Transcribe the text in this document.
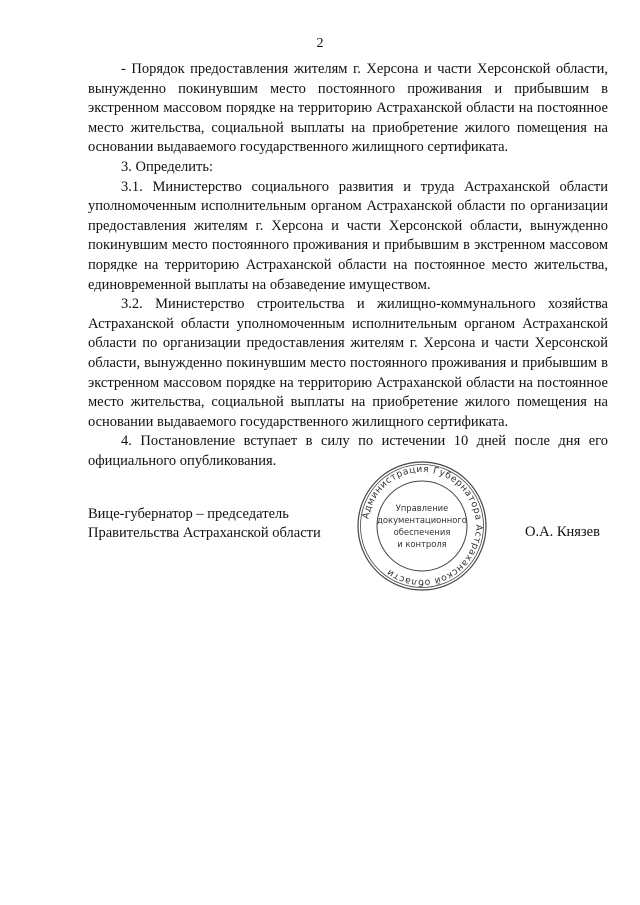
2

- Порядок предоставления жителям г. Херсона и части Херсонской области, вынужденно покинувшим место постоянного проживания и прибывшим в экстренном массовом порядке на территорию Астраханской области на постоянное место жительства, социальной выплаты на приобретение жилого помещения на основании выдаваемого государственного жилищного сертификата.

3. Определить:

3.1. Министерство социального развития и труда Астраханской области уполномоченным исполнительным органом Астраханской области по организации предоставления жителям г. Херсона и части Херсонской области, вынужденно покинувшим место постоянного проживания и прибывшим в экстренном массовом порядке на территорию Астраханской области на постоянное место жительства, единовременной выплаты на обзаведение имуществом.

3.2. Министерство строительства и жилищно-коммунального хозяйства Астраханской области уполномоченным исполнительным органом Астраханской области по организации предоставления жителям г. Херсона и части Херсонской области, вынужденно покинувшим место постоянного проживания и прибывшим в экстренном массовом порядке на территорию Астраханской области на постоянное место жительства, социальной выплаты на приобретение жилого помещения на основании выдаваемого государственного жилищного сертификата.

4. Постановление вступает в силу по истечении 10 дней после дня его официального опубликования.

Вице-губернатор – председатель
Правительства Астраханской области	О.А. Князев
Администрация Губернатора Астраханской области
Управление
документационного
обеспечения
и контроля
